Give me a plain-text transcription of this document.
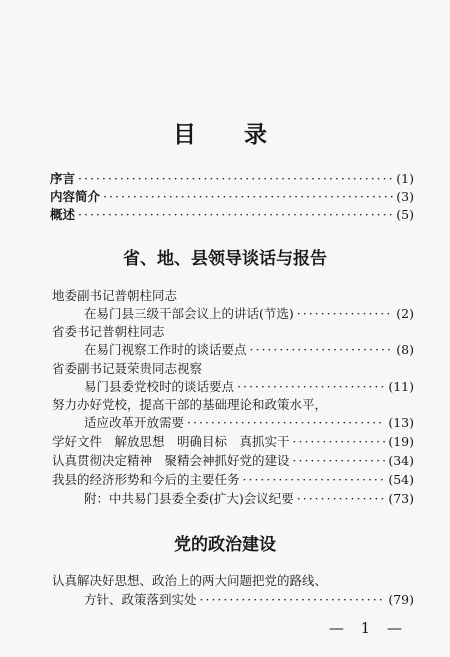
目 录
序言 ·····	(1)
内容简介 ·····	(3)
概述 ·····	(5)
省、地、县领导谈话与报告
地委副书记普朝柱同志
在易门县三级干部会议上的讲话(节选) ·····	(2)
省委书记普朝柱同志
在易门视察工作时的谈话要点 ·····	(8)
省委副书记聂荣贵同志视察
易门县委党校时的谈话要点 ·····	(11)
努力办好党校，提高干部的基础理论和政策水平，
适应改革开放需要 ·····	(13)
学好文件　解放思想　明确目标　真抓实干 ·····	(19)
认真贯彻决定精神　聚精会神抓好党的建设 ·····	(34)
我县的经济形势和今后的主要任务 ·····	(54)
附：中共易门县委全委(扩大)会议纪要 ·····	(73)
党的政治建设
认真解决好思想、政治上的两大问题把党的路线、
方针、政策落到实处 ·····	(79)
— 1 —
